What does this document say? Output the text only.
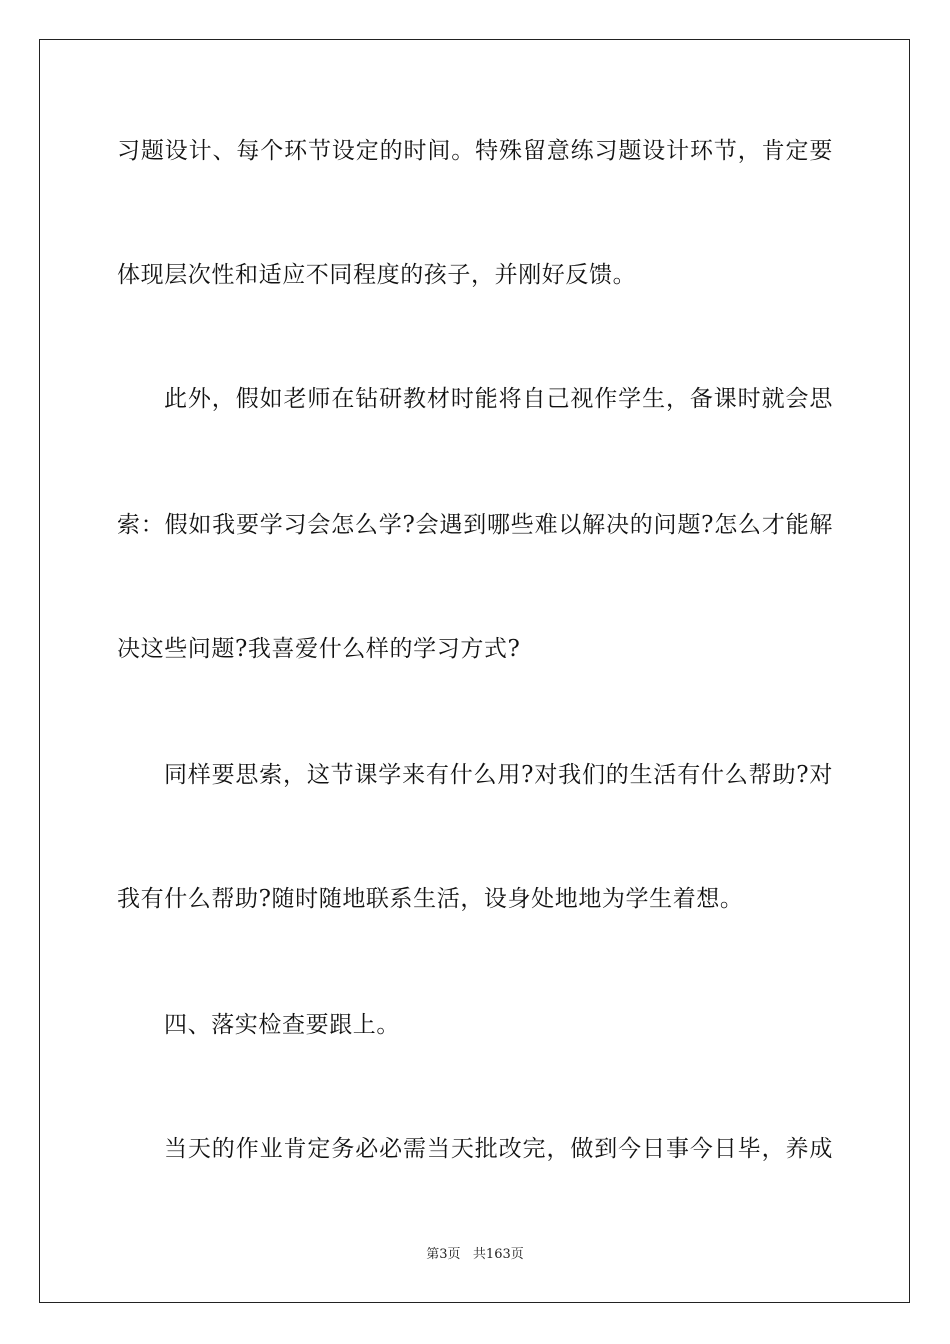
习题设计、每个环节设定的时间。特殊留意练习题设计环节，肯定要
体现层次性和适应不同程度的孩子，并刚好反馈。
此外，假如老师在钻研教材时能将自己视作学生，备课时就会思
索：假如我要学习会怎么学?会遇到哪些难以解决的问题?怎么才能解
决这些问题?我喜爱什么样的学习方式?
同样要思索，这节课学来有什么用?对我们的生活有什么帮助?对
我有什么帮助?随时随地联系生活，设身处地地为学生着想。
四、落实检查要跟上。
当天的作业肯定务必必需当天批改完，做到今日事今日毕，养成
第3页 共163页
